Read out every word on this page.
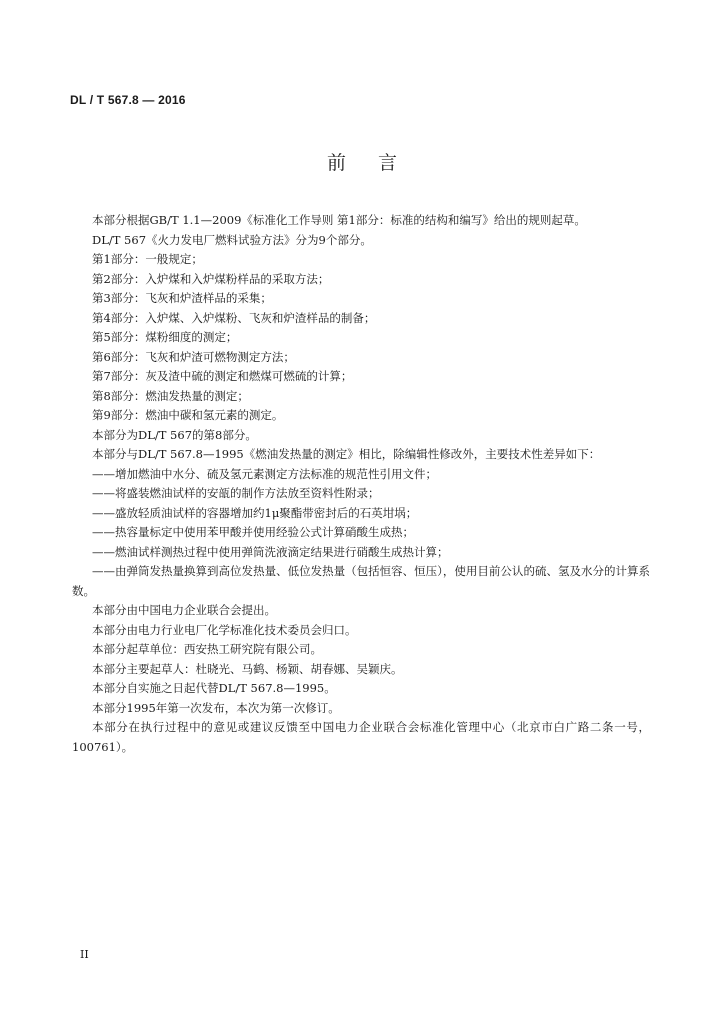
DL / T 567.8 — 2016
前言

本部分根据GB/T 1.1—2009《标准化工作导则 第1部分：标准的结构和编写》给出的规则起草。

DL/T 567《火力发电厂燃料试验方法》分为9个部分。

第1部分：一般规定；

第2部分：入炉煤和入炉煤粉样品的采取方法；

第3部分：飞灰和炉渣样品的采集；

第4部分：入炉煤、入炉煤粉、飞灰和炉渣样品的制备；

第5部分：煤粉细度的测定；

第6部分：飞灰和炉渣可燃物测定方法；

第7部分：灰及渣中硫的测定和燃煤可燃硫的计算；

第8部分：燃油发热量的测定；

第9部分：燃油中碳和氢元素的测定。

本部分为DL/T 567的第8部分。

本部分与DL/T 567.8—1995《燃油发热量的测定》相比，除编辑性修改外，主要技术性差异如下：

——增加燃油中水分、硫及氢元素测定方法标准的规范性引用文件；

——将盛装燃油试样的安瓿的制作方法放至资料性附录；

——盛放轻质油试样的容器增加约1μ聚酯带密封后的石英坩埚；

——热容量标定中使用苯甲酸并使用经验公式计算硝酸生成热；

——燃油试样测热过程中使用弹筒洗液滴定结果进行硝酸生成热计算；

——由弹筒发热量换算到高位发热量、低位发热量（包括恒容、恒压），使用目前公认的硫、氢及水分的计算系数。

本部分由中国电力企业联合会提出。

本部分由电力行业电厂化学标准化技术委员会归口。

本部分起草单位：西安热工研究院有限公司。

本部分主要起草人：杜晓光、马鹤、杨颖、胡春娜、吴颖庆。

本部分自实施之日起代替DL/T 567.8—1995。

本部分1995年第一次发布，本次为第一次修订。

本部分在执行过程中的意见或建议反馈至中国电力企业联合会标准化管理中心（北京市白广路二条一号，100761）。

II
